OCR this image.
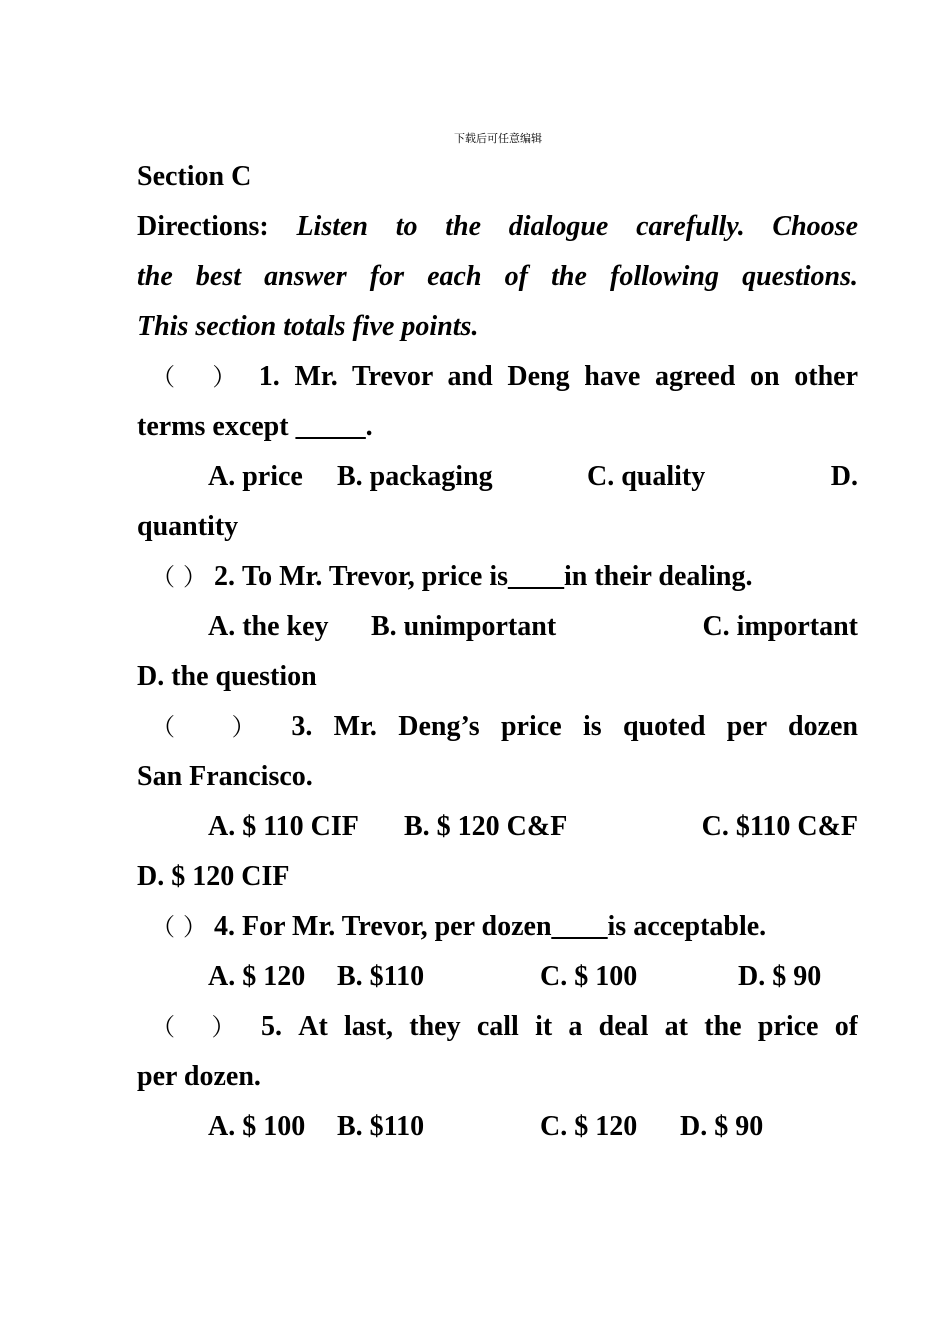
下载后可任意编辑
Section C
Directions: Listen to the dialogue carefully. Choose
the best answer for each of the following questions.
This section totals five points.
（ ） 1. Mr. Trevor and Deng have agreed on other
terms except _____.
A. price B. packaging	C. quality	D.
quantity
（ ） 2. To Mr. Trevor, price is____in their dealing.
A. the key B. unimportant	C. important
D. the question
（ ） 3. Mr. Deng’s price is quoted per dozen
San Francisco.
A. $ 110 CIF B. $ 120 C&F	C. $110 C&F
D. $ 120 CIF
（ ） 4. For Mr. Trevor, per dozen____is acceptable.
A. $ 120 B. $110	C. $ 100	D. $ 90
（ ） 5. At last, they call it a deal at the price of
per dozen.
A. $ 100 B. $110	C. $ 120 D. $ 90
